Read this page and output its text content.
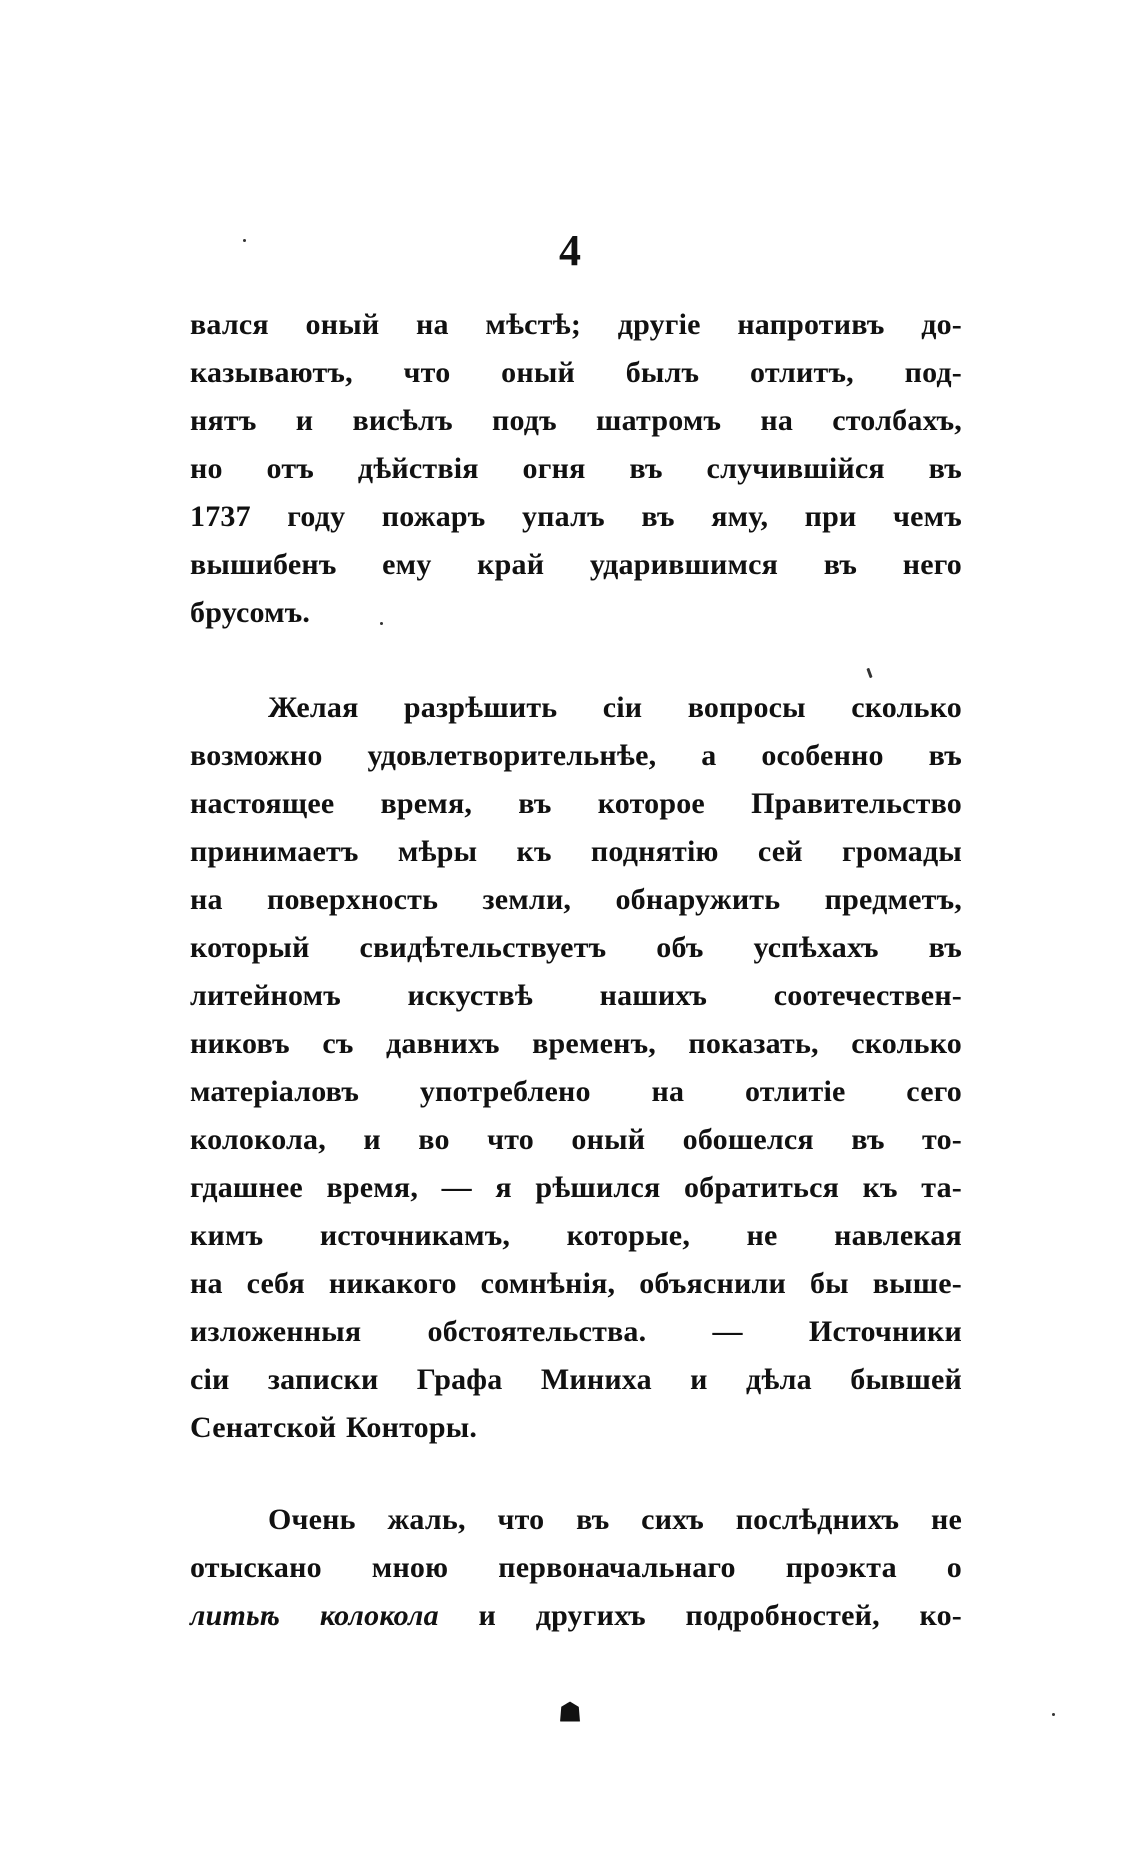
4
вался оный на мѣстѣ; другіе напротивъ до-
казываютъ, что оный былъ отлитъ, под-
нятъ и висѣлъ подъ шатромъ на столбахъ,
но отъ дѣйствія огня въ случившійся въ
1737 году пожаръ упалъ въ яму, при чемъ
вышибенъ ему край ударившимся въ него
брусомъ.
Желая разрѣшить сіи вопросы сколько
возможно удовлетворительнѣе, а особенно въ
настоящее время, въ которое Правительство
принимаетъ мѣры къ поднятію сей громады
на поверхность земли, обнаружить предметъ,
который свидѣтельствуетъ объ успѣхахъ въ
литейномъ искуствѣ нашихъ соотечествен-
никовъ съ давнихъ временъ, показать, сколько
матеріаловъ употреблено на отлитіе сего
колокола, и во что оный обошелся въ то-
гдашнее время, — я рѣшился обратиться къ та-
кимъ источникамъ, которые, не навлекая
на себя никакого сомнѣнія, объяснили бы выше-
изложенныя обстоятельства. — Источники
сіи записки Графа Миниха и дѣла бывшей
Сенатской Конторы.
Очень жаль, что въ сихъ послѣднихъ не
отыскано мною первоначальнаго проэкта о
литьѣ колокола и другихъ подробностей, ко-
☗
